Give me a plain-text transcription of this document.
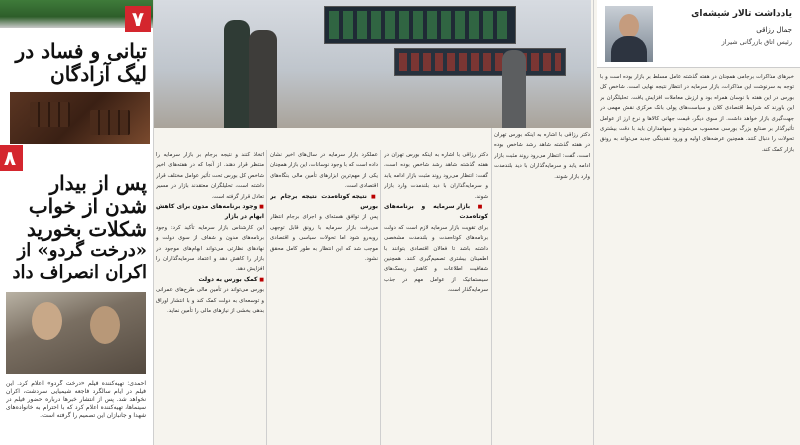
۷
تبانی و فساد در لیگ آزادگان
۸
پس از بیدار شدن از خواب شکلات بخورید
«درخت گردو» از اکران انصراف داد
احمدی: تهیه‌کننده فیلم «درخت گردو» اعلام کرد. این فیلم در ایام سالگرد فاجعه شیمیایی سردشت، اکران نخواهد شد. پس از انتشار خبرها درباره حضور فیلم در سینماها، تهیه‌کننده اعلام کرد که با احترام به خانواده‌های شهدا و جانبازان این تصمیم را گرفته است.
اتخاذ کنند و نتیجه برجام بر بازار سرمایه را منتظر قرار دهند. از آنجا که در هفته‌های اخیر شاخص کل بورس تحت تأثیر عوامل مختلف قرار داشته است، تحلیلگران معتقدند بازار در مسیر تعادل قرار گرفته است.
■ وجود برنامه‌های مدون برای کاهش ابهام در بازار
این کارشناس بازار سرمایه تأکید کرد: وجود برنامه‌های مدون و شفاف از سوی دولت و نهادهای نظارتی می‌تواند ابهام‌های موجود در بازار را کاهش دهد و اعتماد سرمایه‌گذاران را افزایش دهد.
■ کمک بورس به دولت
بورس می‌تواند در تأمین مالی طرح‌های عمرانی و توسعه‌ای به دولت کمک کند و با انتشار اوراق بدهی بخشی از نیازهای مالی را تأمین نماید.
عملکرد بازار سرمایه در سال‌های اخیر نشان داده است که با وجود نوسانات، این بازار همچنان یکی از مهم‌ترین ابزارهای تأمین مالی بنگاه‌های اقتصادی است.
■ نتیجه کوتاه‌مدت نتیجه برجام بر بورس
پس از توافق هسته‌ای و اجرای برجام انتظار می‌رفت بازار سرمایه با رونق قابل توجهی روبه‌رو شود اما تحولات سیاسی و اقتصادی موجب شد که این انتظار به طور کامل محقق نشود.
دکتر رزاقی با اشاره به اینکه بورس تهران در هفته گذشته شاهد رشد شاخص بوده است، گفت: انتظار می‌رود روند مثبت بازار ادامه یابد و سرمایه‌گذاران با دید بلندمدت وارد بازار شوند.
■ بازار سرمایه و برنامه‌های کوتاه‌مدت
برای تقویت بازار سرمایه لازم است که دولت برنامه‌های کوتاه‌مدت و بلندمدت مشخصی داشته باشد تا فعالان اقتصادی بتوانند با اطمینان بیشتری تصمیم‌گیری کنند. همچنین شفافیت اطلاعات و کاهش ریسک‌های سیستماتیک از عوامل مهم در جذب سرمایه‌گذار است.
دکتر رزاقی با اشاره به اینکه بورس تهران در هفته گذشته شاهد رشد شاخص بوده است، گفت: انتظار می‌رود روند مثبت بازار ادامه یابد و سرمایه‌گذاران با دید بلندمدت وارد بازار شوند.
یادداشت تالار شیشه‌ای
جمال رزاقی
رئیس اتاق بازرگانی شیراز
خبرهای مذاکرات برجامی همچنان در هفته گذشته عامل مسلط بر بازار بوده است و با توجه به سرنوشت این مذاکرات، بازار سرمایه در انتظار نتیجه نهایی است. شاخص کل بورس در این هفته با نوسان همراه بود و ارزش معاملات افزایش یافت. تحلیلگران بر این باورند که شرایط اقتصادی کلان و سیاست‌های پولی بانک مرکزی نقش مهمی در جهت‌گیری بازار خواهد داشت. از سوی دیگر، قیمت جهانی کالاها و نرخ ارز از عوامل تأثیرگذار بر صنایع بزرگ بورسی محسوب می‌شوند و سهامداران باید با دقت بیشتری تحولات را دنبال کنند. همچنین عرضه‌های اولیه و ورود نقدینگی جدید می‌تواند به رونق بازار کمک کند.
